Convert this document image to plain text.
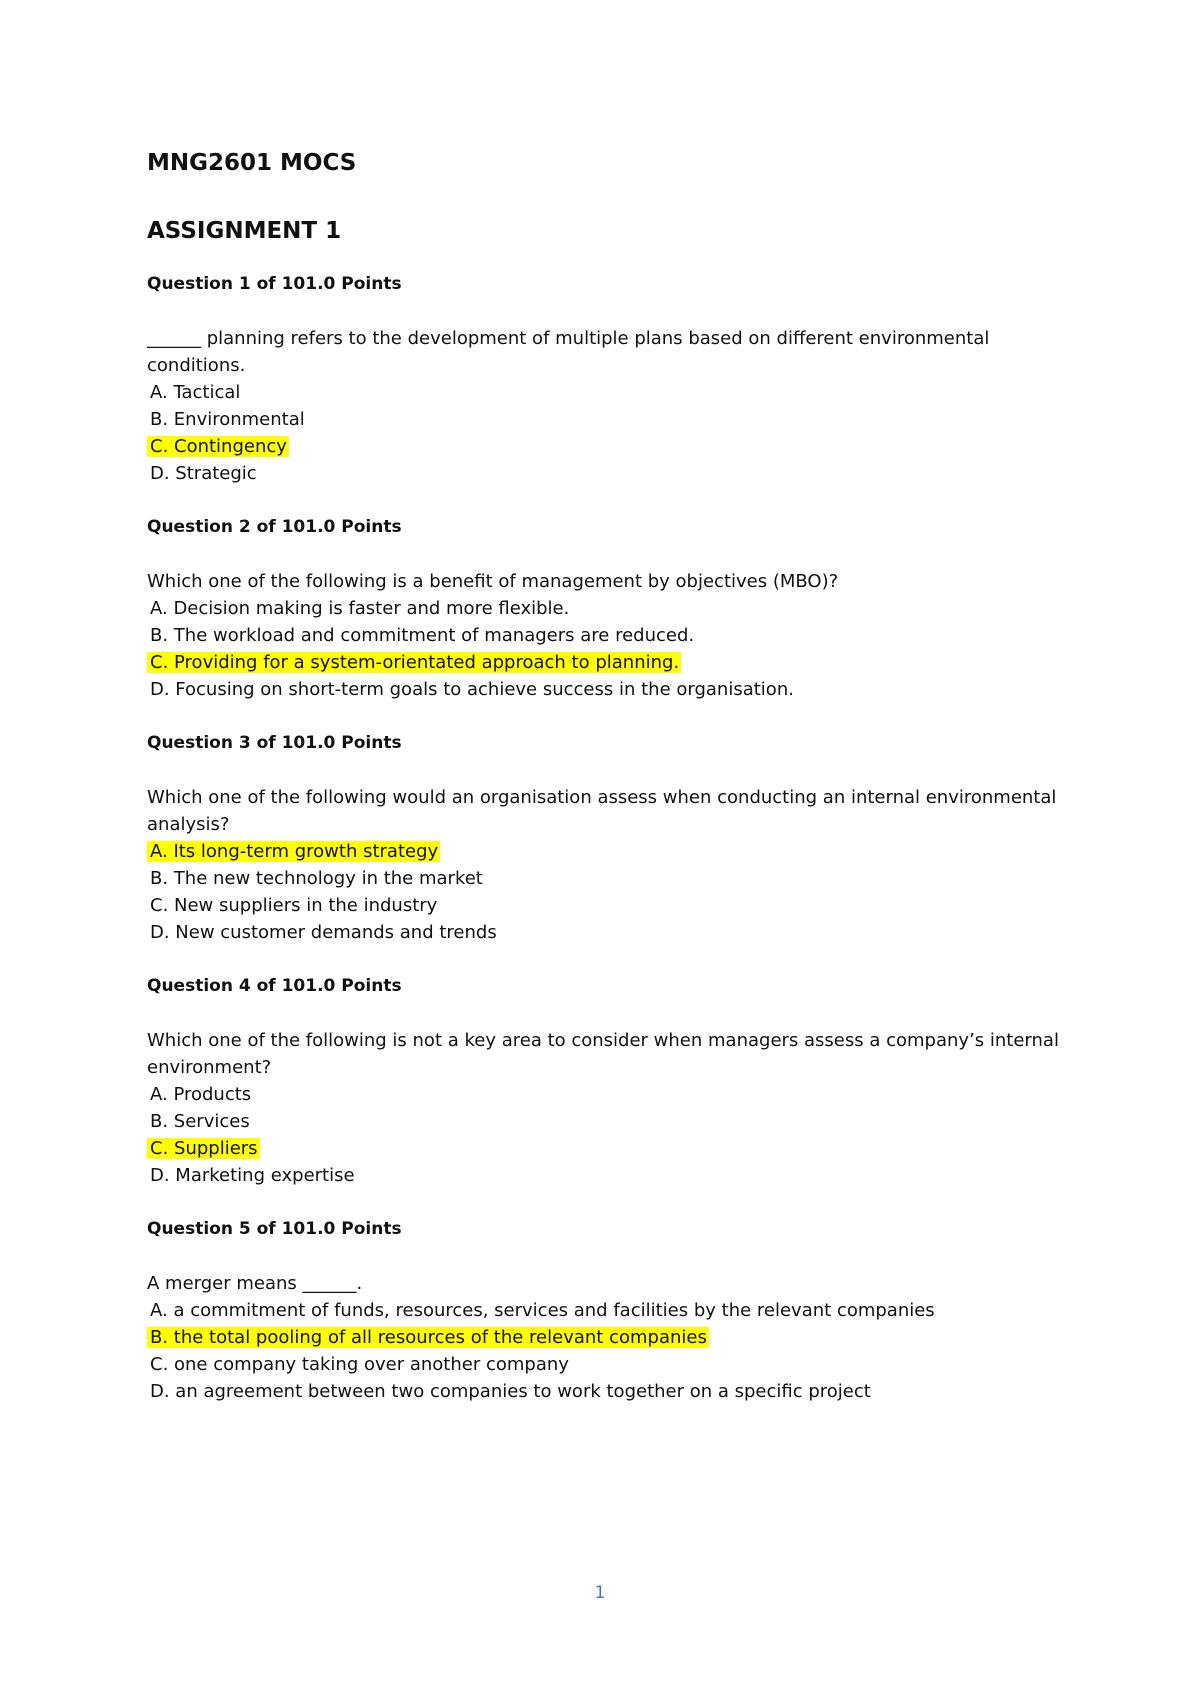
MNG2601 MOCS
ASSIGNMENT 1
Question 1 of 101.0 Points
______ planning refers to the development of multiple plans based on different environmental conditions.
A. Tactical
B. Environmental
C. Contingency
D. Strategic
Question 2 of 101.0 Points
Which one of the following is a benefit of management by objectives (MBO)?
A. Decision making is faster and more flexible.
B. The workload and commitment of managers are reduced.
C. Providing for a system-orientated approach to planning.
D. Focusing on short-term goals to achieve success in the organisation.
Question 3 of 101.0 Points
Which one of the following would an organisation assess when conducting an internal environmental analysis?
A. Its long-term growth strategy
B. The new technology in the market
C. New suppliers in the industry
D. New customer demands and trends
Question 4 of 101.0 Points
Which one of the following is not a key area to consider when managers assess a company’s internal environment?
A. Products
B. Services
C. Suppliers
D. Marketing expertise
Question 5 of 101.0 Points
A merger means ______.
A. a commitment of funds, resources, services and facilities by the relevant companies
B. the total pooling of all resources of the relevant companies
C. one company taking over another company
D. an agreement between two companies to work together on a specific project
1
